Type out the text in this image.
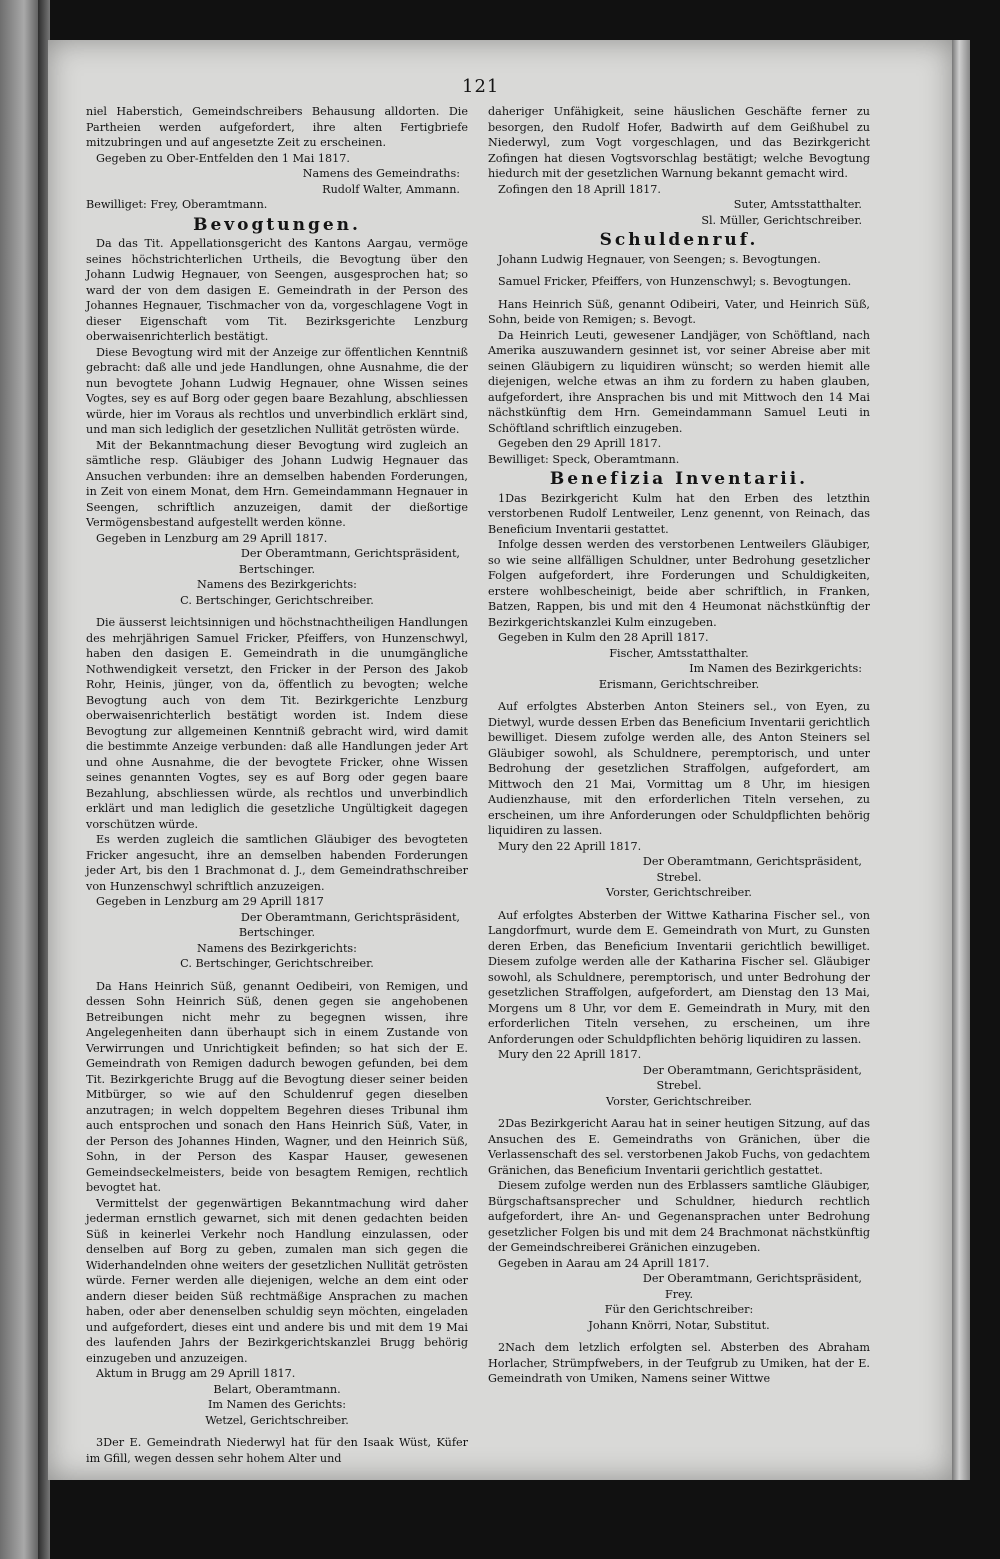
121

niel Haberstich, Gemeindschreibers Behausung alldorten. Die Partheien werden aufgefordert, ihre alten Fertigbriefe mitzubringen und auf angesetzte Zeit zu erscheinen.

Gegeben zu Ober-Entfelden den 1 Mai 1817.

Namens des Gemeindraths:

Rudolf Walter, Ammann.

Bewilliget: Frey, Oberamtmann.

Bevogtungen.

Da das Tit. Appellationsgericht des Kantons Aargau, vermöge seines höchstrichterlichen Urtheils, die Bevogtung über den Johann Ludwig Hegnauer, von Seengen, ausgesprochen hat; so ward der von dem dasigen E. Gemeindrath in der Person des Johannes Hegnauer, Tischmacher von da, vorgeschlagene Vogt in dieser Eigenschaft vom Tit. Bezirksgerichte Lenzburg oberwaisenrichterlich bestätigt.

Diese Bevogtung wird mit der Anzeige zur öffentlichen Kenntniß gebracht: daß alle und jede Handlungen, ohne Ausnahme, die der nun bevogtete Johann Ludwig Hegnauer, ohne Wissen seines Vogtes, sey es auf Borg oder gegen baare Bezahlung, abschliessen würde, hier im Voraus als rechtlos und unverbindlich erklärt sind, und man sich lediglich der gesetzlichen Nullität getrösten würde.

Mit der Bekanntmachung dieser Bevogtung wird zugleich an sämtliche resp. Gläubiger des Johann Ludwig Hegnauer das Ansuchen verbunden: ihre an demselben habenden Forderungen, in Zeit von einem Monat, dem Hrn. Gemeindammann Hegnauer in Seengen, schriftlich anzuzeigen, damit der dießortige Vermögensbestand aufgestellt werden könne.

Gegeben in Lenzburg am 29 Aprill 1817.

Der Oberamtmann, Gerichtspräsident,

Bertschinger.

Namens des Bezirkgerichts:

C. Bertschinger, Gerichtschreiber.

Die äusserst leichtsinnigen und höchstnachtheiligen Handlungen des mehrjährigen Samuel Fricker, Pfeiffers, von Hunzenschwyl, haben den dasigen E. Gemeindrath in die unumgängliche Nothwendigkeit versetzt, den Fricker in der Person des Jakob Rohr, Heinis, jünger, von da, öffentlich zu bevogten; welche Bevogtung auch von dem Tit. Bezirkgerichte Lenzburg oberwaisenrichterlich bestätigt worden ist. Indem diese Bevogtung zur allgemeinen Kenntniß gebracht wird, wird damit die bestimmte Anzeige verbunden: daß alle Handlungen jeder Art und ohne Ausnahme, die der bevogtete Fricker, ohne Wissen seines genannten Vogtes, sey es auf Borg oder gegen baare Bezahlung, abschliessen würde, als rechtlos und unverbindlich erklärt und man lediglich die gesetzliche Ungültigkeit dagegen vorschützen würde.

Es werden zugleich die samtlichen Gläubiger des bevogteten Fricker angesucht, ihre an demselben habenden Forderungen jeder Art, bis den 1 Brachmonat d. J., dem Gemeindrathschreiber von Hunzenschwyl schriftlich anzuzeigen.

Gegeben in Lenzburg am 29 Aprill 1817

Der Oberamtmann, Gerichtspräsident,

Bertschinger.

Namens des Bezirkgerichts:

C. Bertschinger, Gerichtschreiber.

Da Hans Heinrich Süß, genannt Oedibeiri, von Remigen, und dessen Sohn Heinrich Süß, denen gegen sie angehobenen Betreibungen nicht mehr zu begegnen wissen, ihre Angelegenheiten dann überhaupt sich in einem Zustande von Verwirrungen und Unrichtigkeit befinden; so hat sich der E. Gemeindrath von Remigen dadurch bewogen gefunden, bei dem Tit. Bezirkgerichte Brugg auf die Bevogtung dieser seiner beiden Mitbürger, so wie auf den Schuldenruf gegen dieselben anzutragen; in welch doppeltem Begehren dieses Tribunal ihm auch entsprochen und sonach den Hans Heinrich Süß, Vater, in der Person des Johannes Hinden, Wagner, und den Heinrich Süß, Sohn, in der Person des Kaspar Hauser, gewesenen Gemeindseckelmeisters, beide von besagtem Remigen, rechtlich bevogtet hat.

Vermittelst der gegenwärtigen Bekanntmachung wird daher jederman ernstlich gewarnet, sich mit denen gedachten beiden Süß in keinerlei Verkehr noch Handlung einzulassen, oder denselben auf Borg zu geben, zumalen man sich gegen die Widerhandelnden ohne weiters der gesetzlichen Nullität getrösten würde. Ferner werden alle diejenigen, welche an dem eint oder andern dieser beiden Süß rechtmäßige Ansprachen zu machen haben, oder aber denenselben schuldig seyn möchten, eingeladen und aufgefordert, dieses eint und andere bis und mit dem 19 Mai des laufenden Jahrs der Bezirkgerichtskanzlei Brugg behörig einzugeben und anzuzeigen.

Aktum in Brugg am 29 Aprill 1817.

Belart, Oberamtmann.

Im Namen des Gerichts:

Wetzel, Gerichtschreiber.

3Der E. Gemeindrath Niederwyl hat für den Isaak Wüst, Küfer im Gfill, wegen dessen sehr hohem Alter und

daheriger Unfähigkeit, seine häuslichen Geschäfte ferner zu besorgen, den Rudolf Hofer, Badwirth auf dem Geißhubel zu Niederwyl, zum Vogt vorgeschlagen, und das Bezirkgericht Zofingen hat diesen Vogtsvorschlag bestätigt; welche Bevogtung hiedurch mit der gesetzlichen Warnung bekannt gemacht wird.

Zofingen den 18 Aprill 1817.

Suter, Amtsstatthalter.

Sl. Müller, Gerichtschreiber.

Schuldenruf.

Johann Ludwig Hegnauer, von Seengen; s. Bevogtungen.

Samuel Fricker, Pfeiffers, von Hunzenschwyl; s. Bevogtungen.

Hans Heinrich Süß, genannt Odibeiri, Vater, und Heinrich Süß, Sohn, beide von Remigen; s. Bevogt.

Da Heinrich Leuti, gewesener Landjäger, von Schöftland, nach Amerika auszuwandern gesinnet ist, vor seiner Abreise aber mit seinen Gläubigern zu liquidiren wünscht; so werden hiemit alle diejenigen, welche etwas an ihm zu fordern zu haben glauben, aufgefordert, ihre Ansprachen bis und mit Mittwoch den 14 Mai nächstkünftig dem Hrn. Gemeindammann Samuel Leuti in Schöftland schriftlich einzugeben.

Gegeben den 29 Aprill 1817.

Bewilliget: Speck, Oberamtmann.

Benefizia Inventarii.

1Das Bezirkgericht Kulm hat den Erben des letzthin verstorbenen Rudolf Lentweiler, Lenz genennt, von Reinach, das Beneficium Inventarii gestattet.

Infolge dessen werden des verstorbenen Lentweilers Gläubiger, so wie seine allfälligen Schuldner, unter Bedrohung gesetzlicher Folgen aufgefordert, ihre Forderungen und Schuldigkeiten, erstere wohlbescheinigt, beide aber schriftlich, in Franken, Batzen, Rappen, bis und mit den 4 Heumonat nächstkünftig der Bezirkgerichtskanzlei Kulm einzugeben.

Gegeben in Kulm den 28 Aprill 1817.

Fischer, Amtsstatthalter.

Im Namen des Bezirkgerichts:

Erismann, Gerichtschreiber.

Auf erfolgtes Absterben Anton Steiners sel., von Eyen, zu Dietwyl, wurde dessen Erben das Beneficium Inventarii gerichtlich bewilliget. Diesem zufolge werden alle, des Anton Steiners sel Gläubiger sowohl, als Schuldnere, peremptorisch, und unter Bedrohung der gesetzlichen Straffolgen, aufgefordert, am Mittwoch den 21 Mai, Vormittag um 8 Uhr, im hiesigen Audienzhause, mit den erforderlichen Titeln versehen, zu erscheinen, um ihre Anforderungen oder Schuldpflichten behörig liquidiren zu lassen.

Mury den 22 Aprill 1817.

Der Oberamtmann, Gerichtspräsident,

Strebel.

Vorster, Gerichtschreiber.

Auf erfolgtes Absterben der Wittwe Katharina Fischer sel., von Langdorfmurt, wurde dem E. Gemeindrath von Murt, zu Gunsten deren Erben, das Beneficium Inventarii gerichtlich bewilliget. Diesem zufolge werden alle der Katharina Fischer sel. Gläubiger sowohl, als Schuldnere, peremptorisch, und unter Bedrohung der gesetzlichen Straffolgen, aufgefordert, am Dienstag den 13 Mai, Morgens um 8 Uhr, vor dem E. Gemeindrath in Mury, mit den erforderlichen Titeln versehen, zu erscheinen, um ihre Anforderungen oder Schuldpflichten behörig liquidiren zu lassen.

Mury den 22 Aprill 1817.

Der Oberamtmann, Gerichtspräsident,

Strebel.

Vorster, Gerichtschreiber.

2Das Bezirkgericht Aarau hat in seiner heutigen Sitzung, auf das Ansuchen des E. Gemeindraths von Gränichen, über die Verlassenschaft des sel. verstorbenen Jakob Fuchs, von gedachtem Gränichen, das Beneficium Inventarii gerichtlich gestattet.

Diesem zufolge werden nun des Erblassers samtliche Gläubiger, Bürgschaftsansprecher und Schuldner, hiedurch rechtlich aufgefordert, ihre An- und Gegenansprachen unter Bedrohung gesetzlicher Folgen bis und mit dem 24 Brachmonat nächstkünftig der Gemeindschreiberei Gränichen einzugeben.

Gegeben in Aarau am 24 Aprill 1817.

Der Oberamtmann, Gerichtspräsident,

Frey.

Für den Gerichtschreiber:

Johann Knörri, Notar, Substitut.

2Nach dem letzlich erfolgten sel. Absterben des Abraham Horlacher, Strümpfwebers, in der Teufgrub zu Umiken, hat der E. Gemeindrath von Umiken, Namens seiner Wittwe
